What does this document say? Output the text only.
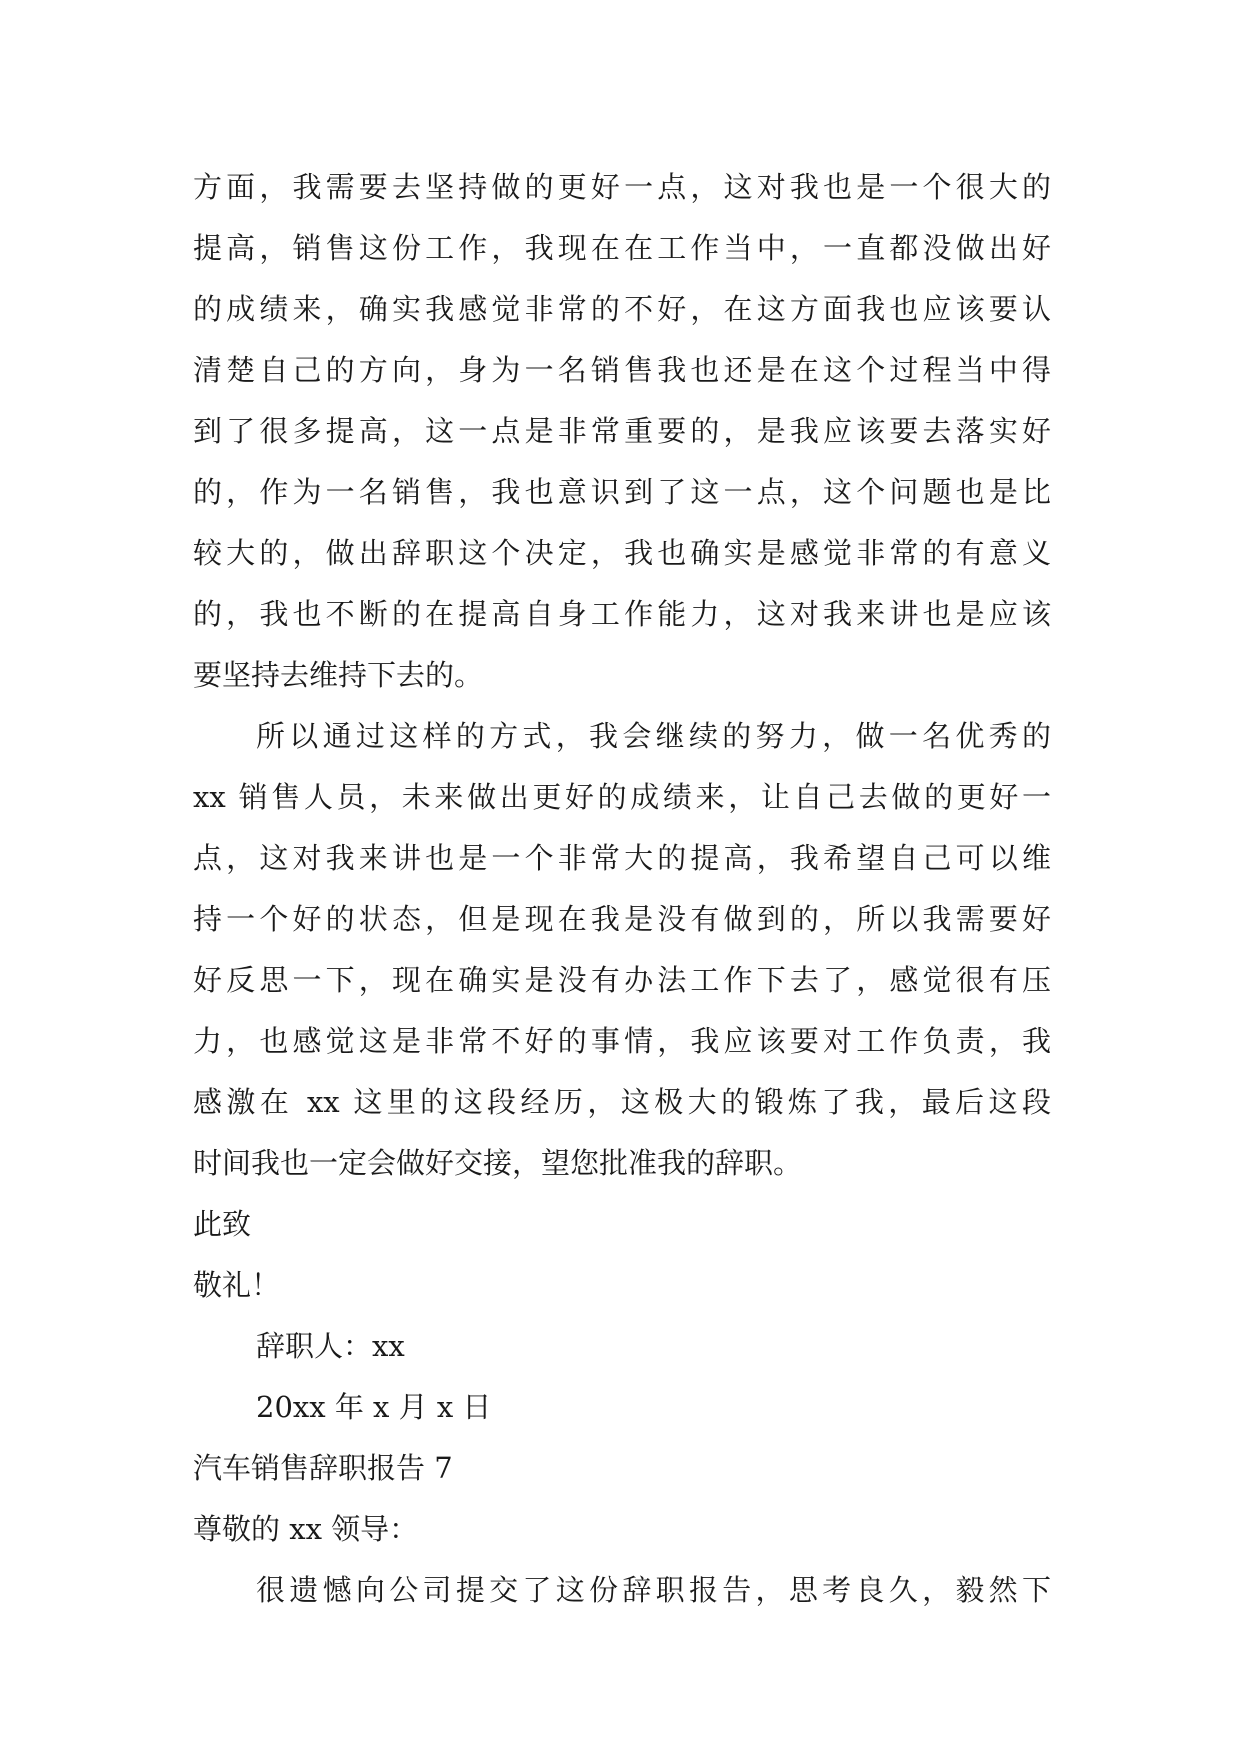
方面，我需要去坚持做的更好一点，这对我也是一个很大的
提高，销售这份工作，我现在在工作当中，一直都没做出好
的成绩来，确实我感觉非常的不好，在这方面我也应该要认
清楚自己的方向，身为一名销售我也还是在这个过程当中得
到了很多提高，这一点是非常重要的，是我应该要去落实好
的，作为一名销售，我也意识到了这一点，这个问题也是比
较大的，做出辞职这个决定，我也确实是感觉非常的有意义
的，我也不断的在提高自身工作能力，这对我来讲也是应该
要坚持去维持下去的。
所以通过这样的方式，我会继续的努力，做一名优秀的
xx 销售人员，未来做出更好的成绩来，让自己去做的更好一
点，这对我来讲也是一个非常大的提高，我希望自己可以维
持一个好的状态，但是现在我是没有做到的，所以我需要好
好反思一下，现在确实是没有办法工作下去了，感觉很有压
力，也感觉这是非常不好的事情，我应该要对工作负责，我
感激在 xx 这里的这段经历，这极大的锻炼了我，最后这段
时间我也一定会做好交接，望您批准我的辞职。
此致
敬礼！
辞职人：xx
20xx 年 x 月 x 日
汽车销售辞职报告 7
尊敬的 xx 领导：
很遗憾向公司提交了这份辞职报告，思考良久，毅然下
